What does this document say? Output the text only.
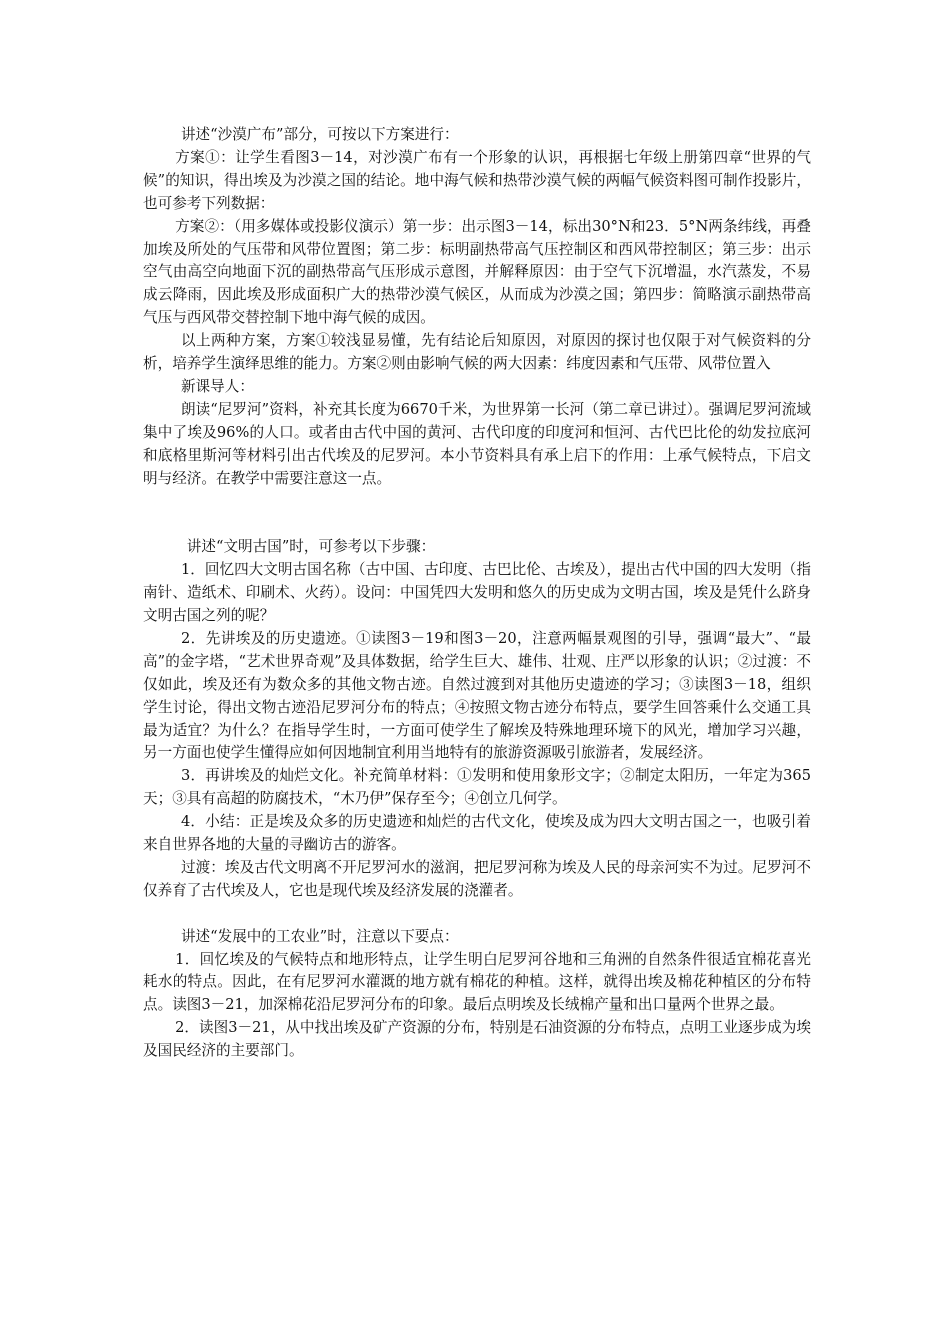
讲述“沙漠广布”部分，可按以下方案进行：

方案①：让学生看图3－14，对沙漠广布有一个形象的认识，再根据七年级上册第四章“世界的气候”的知识，得出埃及为沙漠之国的结论。地中海气候和热带沙漠气候的两幅气候资料图可制作投影片，也可参考下列数据：

方案②：（用多媒体或投影仪演示）第一步：出示图3－14，标出30°N和23．5°N两条纬线，再叠加埃及所处的气压带和风带位置图；第二步：标明副热带高气压控制区和西风带控制区；第三步：出示空气由高空向地面下沉的副热带高气压形成示意图，并解释原因：由于空气下沉增温，水汽蒸发，不易成云降雨，因此埃及形成面积广大的热带沙漠气候区，从而成为沙漠之国；第四步：简略演示副热带高气压与西风带交替控制下地中海气候的成因。

以上两种方案，方案①较浅显易懂，先有结论后知原因，对原因的探讨也仅限于对气候资料的分析，培养学生演绎思维的能力。方案②则由影响气候的两大因素：纬度因素和气压带、风带位置入

新课导人：

朗读“尼罗河”资料，补充其长度为6670千米，为世界第一长河（第二章已讲过）。强调尼罗河流域集中了埃及96%的人口。或者由古代中国的黄河、古代印度的印度河和恒河、古代巴比伦的幼发拉底河和底格里斯河等材料引出古代埃及的尼罗河。本小节资料具有承上启下的作用：上承气候特点，下启文明与经济。在教学中需要注意这一点。

讲述“文明古国”时，可参考以下步骤：

1．回忆四大文明古国名称（古中国、古印度、古巴比伦、古埃及），提出古代中国的四大发明（指南针、造纸术、印刷术、火药）。设问：中国凭四大发明和悠久的历史成为文明古国，埃及是凭什么跻身文明古国之列的呢？

2．先讲埃及的历史遗迹。①读图3－19和图3－20，注意两幅景观图的引导，强调“最大”、“最高”的金字塔，“艺术世界奇观”及具体数据，给学生巨大、雄伟、壮观、庄严以形象的认识；②过渡：不仅如此，埃及还有为数众多的其他文物古迹。自然过渡到对其他历史遗迹的学习；③读图3－18，组织学生讨论，得出文物古迹沿尼罗河分布的特点；④按照文物古迹分布特点，要学生回答乘什么交通工具最为适宜？为什么？在指导学生时，一方面可使学生了解埃及特殊地理环境下的风光，增加学习兴趣，另一方面也使学生懂得应如何因地制宜利用当地特有的旅游资源吸引旅游者，发展经济。

3．再讲埃及的灿烂文化。补充简单材料：①发明和使用象形文字；②制定太阳历，一年定为365天；③具有高超的防腐技术，“木乃伊”保存至今；④创立几何学。

4．小结：正是埃及众多的历史遗迹和灿烂的古代文化，使埃及成为四大文明古国之一，也吸引着来自世界各地的大量的寻幽访古的游客。

过渡：埃及古代文明离不开尼罗河水的滋润，把尼罗河称为埃及人民的母亲河实不为过。尼罗河不仅养育了古代埃及人，它也是现代埃及经济发展的浇灌者。

讲述“发展中的工农业”时，注意以下要点：

1．回忆埃及的气候特点和地形特点，让学生明白尼罗河谷地和三角洲的自然条件很适宜棉花喜光耗水的特点。因此，在有尼罗河水灌溉的地方就有棉花的种植。这样，就得出埃及棉花种植区的分布特点。读图3－21，加深棉花沿尼罗河分布的印象。最后点明埃及长绒棉产量和出口量两个世界之最。

2．读图3－21，从中找出埃及矿产资源的分布，特别是石油资源的分布特点，点明工业逐步成为埃及国民经济的主要部门。
